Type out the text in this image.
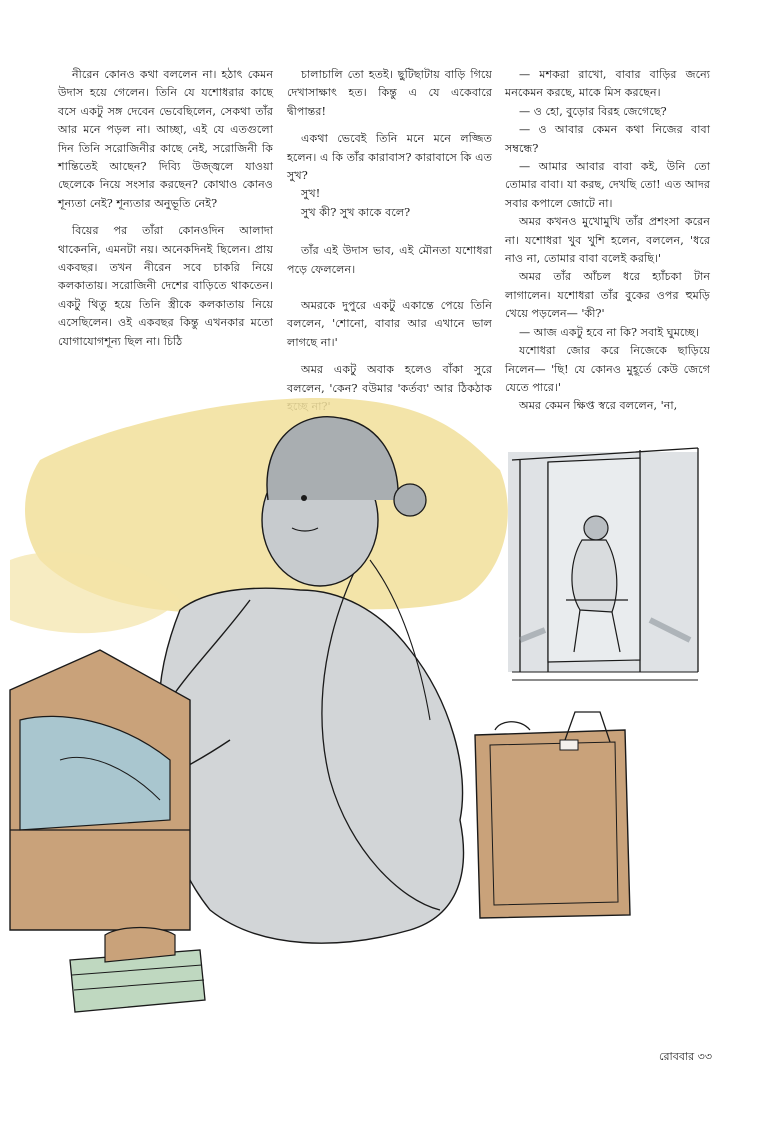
নীরেন কোনও কথা বললেন না। হঠাৎ কেমন উদাস হয়ে গেলেন। তিনি যে যশোধরার কাছে বসে একটু সঙ্গ দেবেন ভেবেছিলেন, সেকথা তাঁর আর মনে পড়ল না। আচ্ছা, এই যে এতগুলো দিন তিনি সরোজিনীর কাছে নেই, সরোজিনী কি শান্তিতেই আছেন? দিব্যি উজ্জ্বলে যাওয়া ছেলেকে নিয়ে সংসার করছেন? কোথাও কোনও শূন্যতা নেই? শূন্যতার অনুভূতি নেই?

বিয়ের পর তাঁরা কোনওদিন আলাদা থাকেননি, এমনটা নয়। অনেকদিনই ছিলেন। প্রায় একবছর। তখন নীরেন সবে চাকরি নিয়ে কলকাতায়। সরোজিনী দেশের বাড়িতে থাকতেন। একটু থিতু হয়ে তিনি স্ত্রীকে কলকাতায় নিয়ে এসেছিলেন। ওই একবছর কিন্তু এখনকার মতো যোগাযোগশূন্য ছিল না। চিঠি

চালাচালি তো হতই। ছুটিছাটায় বাড়ি গিয়ে দেখাসাক্ষাৎ হত। কিন্তু এ যে একেবারে দ্বীপান্তর!

একথা ভেবেই তিনি মনে মনে লজ্জিত হলেন। এ কি তাঁর কারাবাস? কারাবাসে কি এত সুখ?

সুখ!

সুখ কী? সুখ কাকে বলে?

তাঁর এই উদাস ভাব, এই মৌনতা যশোধরা পড়ে ফেললেন।

অমরকে দুপুরে একটু একান্তে পেয়ে তিনি বললেন, 'শোনো, বাবার আর এখানে ভাল লাগছে না।'

অমর একটু অবাক হলেও বাঁকা সুরে বললেন, 'কেন? বউমার 'কর্তব্য' আর ঠিকঠাক

— মশকরা রাখো, বাবার বাড়ির জন্যে মনকেমন করছে, মাকে মিস করছেন।

— ও হো, বুড়োর বিরহ জেগেছে?

— ও আবার কেমন কথা নিজের বাবা সম্বন্ধে?

— আমার আবার বাবা কই, উনি তো তোমার বাবা। যা করছ, দেখছি তো! এত আদর সবার কপালে জোটে না।

অমর কখনও মুখোমুখি তাঁর প্রশংসা করেন না। যশোধরা খুব খুশি হলেন, বললেন, 'ধরে নাও না, তোমার বাবা বলেই করছি।'

অমর তাঁর আঁচল ধরে হ্যাঁচকা টান লাগালেন। যশোধরা তাঁর বুকের ওপর হুমড়ি খেয়ে পড়লেন— 'কী?'

— আজ একটু হবে না কি? সবাই ঘুমচ্ছে।

যশোধরা জোর করে নিজেকে ছাড়িয়ে নিলেন— 'ছি! যে কোনও মুহূর্তে কেউ জেগে যেতে পারে।'

অমর কেমন ক্ষিপ্ত স্বরে বললেন, 'না,

রোববার ৩৩
